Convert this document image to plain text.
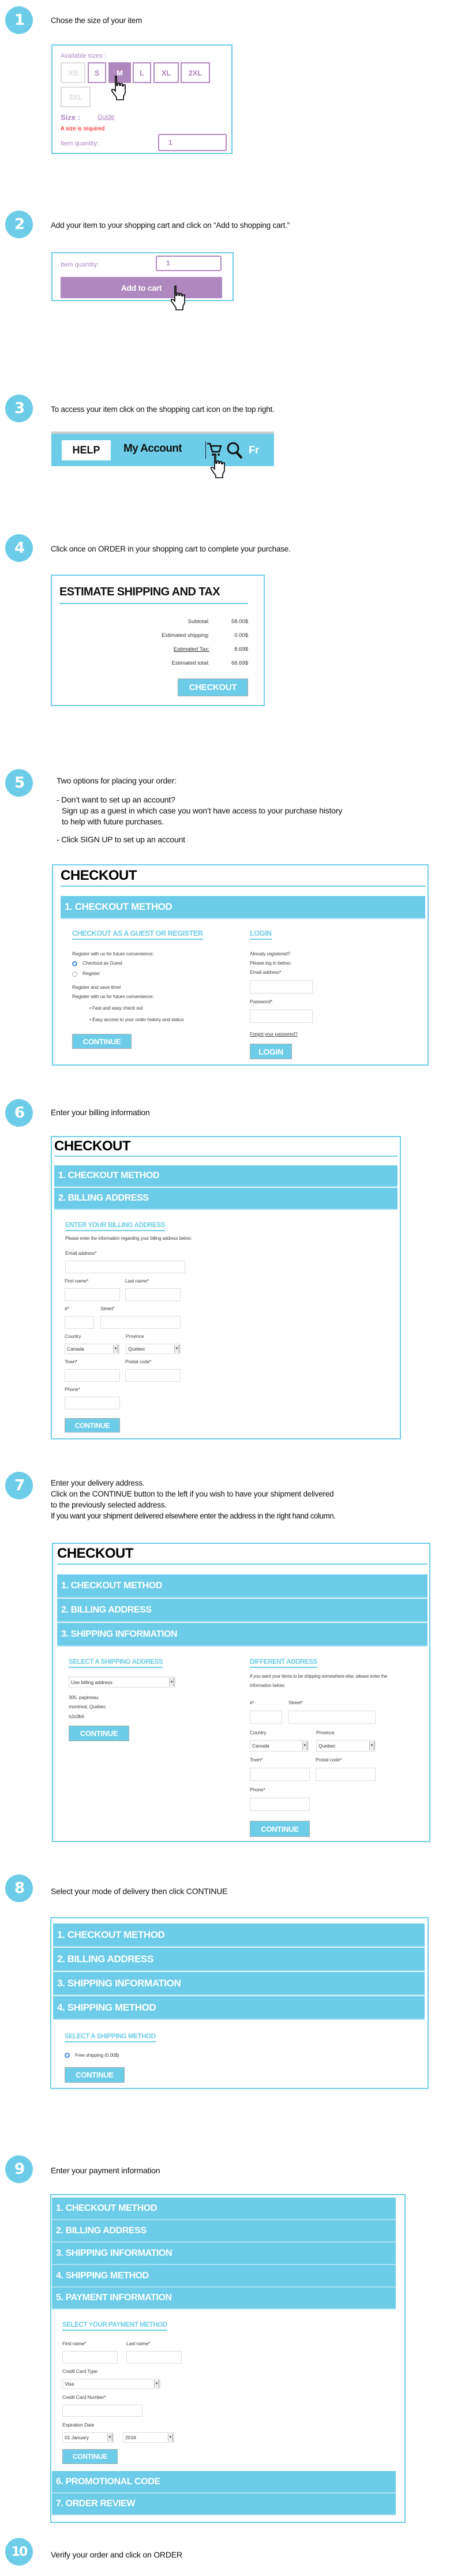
1	Chose the size of your item
Available sizes :
XS	S	M	L	XL	2XL
3XL
Size :	Guide
A size is required
Item quantity:	1
2	Add your item to your shopping cart and click on “Add to shopping cart.”
Item quantity:	1
Add to cart
3	To access your item click on the shopping cart icon on the top right.
HELP	My Account	Fr
4	Click once on ORDER in your shopping cart to complete your purchase.
ESTIMATE SHIPPING AND TAX
Subtotal:	58.00$
Estimated shipping:	0.00$
Estimated Tax:	8.69$
Estimated total:	66.69$
CHECKOUT
5	Two options for placing your order:
- Don’t want to set up an account?
Sign up as a guest in which case you won’t have access to your purchase history
to help with future purchases.
- Click SIGN UP to set up an account
CHECKOUT
1. CHECKOUT METHOD
CHECKOUT AS A GUEST OR REGISTER
Register with us for future convenience:
Checkout as Guest
Register
Register and save time!
Register with us for future convenience:
• Fast and easy check out
• Easy access to your order history and status
CONTINUE
LOGIN
Already registered?
Please log in below:
Email address*
Password*
Forgot your password?
LOGIN
6	Enter your billing information
CHECKOUT
1. CHECKOUT METHOD
2. BILLING ADDRESS
ENTER YOUR BILLING ADDRESS
Please enter the information regarding your billing address below:
Email address*
First name*	Last name*
#*	Street*
Country	Province
Canada	▼ Quebec	▼
Town*	Postal code*
Phone*
CONTINUE
7	Enter your delivery address.
Click on the CONTINUE button to the left if you wish to have your shipment delivered
to the previously selected address.
If you want your shipment delivered elsewhere enter the address in the right hand column.
CHECKOUT
1. CHECKOUT METHOD
2. BILLING ADDRESS
3. SHIPPING INFORMATION
SELECT A SHIPPING ADDRESS
Use billing address	▼
305, papineau
montreal, Quebec
h2s3b6
CONTINUE
DIFFERENT ADDRESS
If you want your items to be shipping somewhere else, please enter the
information below:
#*	Street*
Country	Province
Canada	▼ Quebec	▼
Town*	Postal code*
Phone*
CONTINUE
8	Select your mode of delivery then click CONTINUE
1. CHECKOUT METHOD
2. BILLING ADDRESS
3. SHIPPING INFORMATION
4. SHIPPING METHOD
SELECT A SHIPPING METHOD
Free shipping (0.00$)
CONTINUE
9	Enter your payment information
1. CHECKOUT METHOD
2. BILLING ADDRESS
3. SHIPPING INFORMATION
4. SHIPPING METHOD
5. PAYMENT INFORMATION
SELECT YOUR PAYMENT METHOD
First name*	Last name*
Credit Card Type
Visa	▼
Credit Card Number*
Expiration Date
01 January	▼	2016	▼
CONTINUE
6. PROMOTIONAL CODE
7. ORDER REVIEW
10	Verify your order and click on ORDER
